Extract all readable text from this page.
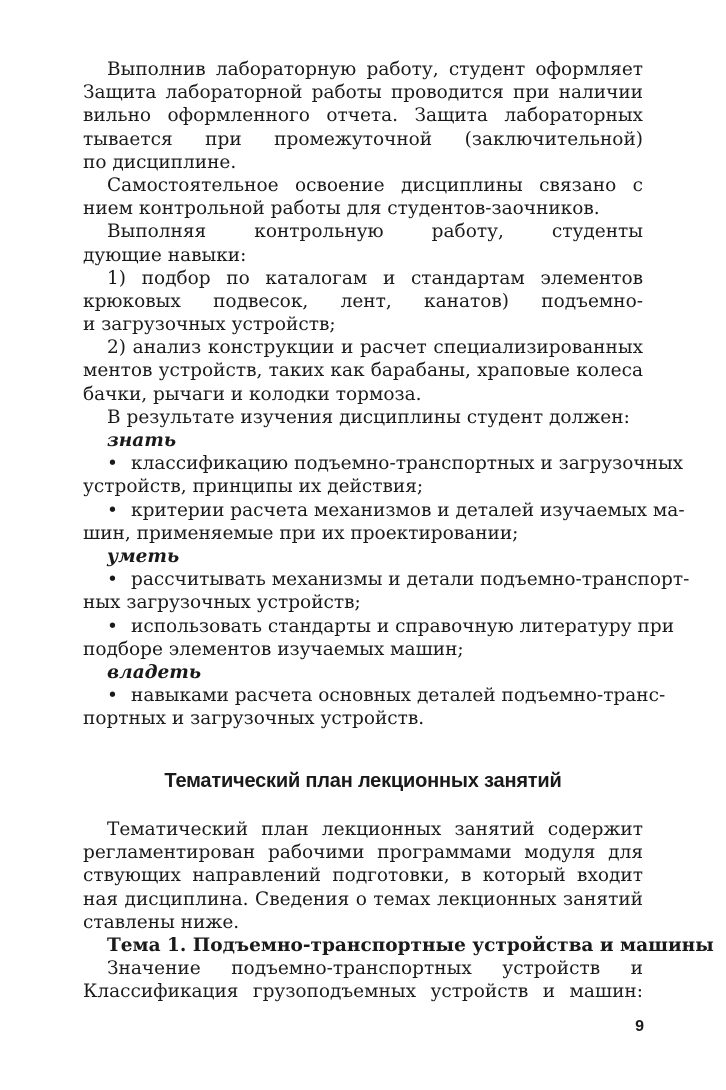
Выполнив лабораторную работу, студент оформляет
Защита лабораторной работы проводится при наличии
вильно оформленного отчета. Защита лабораторных
тывается при промежуточной (заключительной)
по дисциплине.
Самостоятельное освоение дисциплины связано с
нием контрольной работы для студентов-заочников.
Выполняя контрольную работу, студенты
дующие навыки:
1) подбор по каталогам и стандартам элементов
крюковых подвесок, лент, канатов) подъемно-
и загрузочных устройств;
2) анализ конструкции и расчет специализированных
ментов устройств, таких как барабаны, храповые колеса
бачки, рычаги и колодки тормоза.
В результате изучения дисциплины студент должен:
знать
• классификацию подъемно-транспортных и загрузочных
устройств, принципы их действия;
• критерии расчета механизмов и деталей изучаемых ма-
шин, применяемые при их проектировании;
уметь
• рассчитывать механизмы и детали подъемно-транспорт-
ных загрузочных устройств;
• использовать стандарты и справочную литературу при
подборе элементов изучаемых машин;
владеть
• навыками расчета основных деталей подъемно-транс-
портных и загрузочных устройств.
Тематический план лекционных занятий
Тематический план лекционных занятий содержит
регламентирован рабочими программами модуля для
ствующих направлений подготовки, в который входит
ная дисциплина. Сведения о темах лекционных занятий
ставлены ниже.
Тема 1. Подъемно-транспортные устройства и машины
Значение подъемно-транспортных устройств и
Классификация грузоподъемных устройств и машин:
9
